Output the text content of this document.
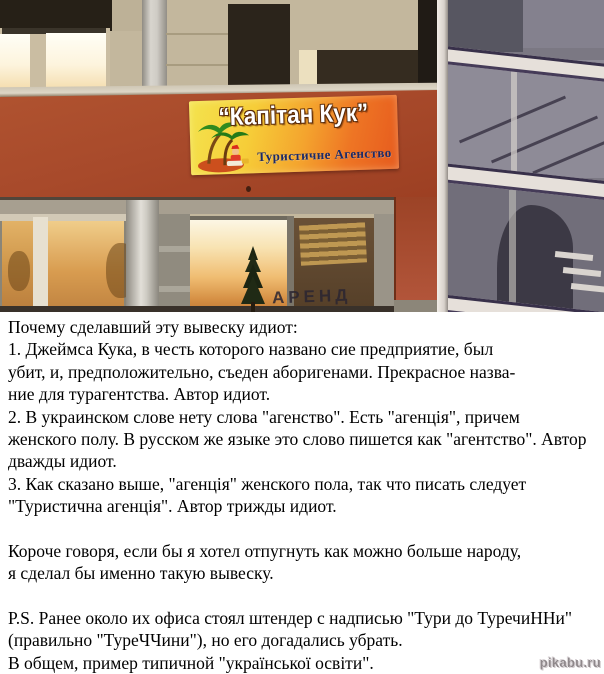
“Капітан Кук”
Туристичне Агенство
АРЕНД
Почему сделавший эту вывеску идиот:
1. Джеймса Кука, в честь которого названо сие предприятие, был
убит, и, предположительно, съеден аборигенами. Прекрасное назва-
ние для турагентства. Автор идиот.
2. В украинском слове нету слова "агенство". Есть "агенція", причем
женского полу. В русском же языке это слово пишется как "агентство". Автор
дважды идиот.
3. Как сказано выше, "агенція" женского пола, так что писать следует
"Туристична агенція". Автор трижды идиот.

Короче говоря, если бы я хотел отпугнуть как можно больше народу,
я сделал бы именно такую вывеску.

P.S. Ранее около их офиса стоял штендер с надписью "Тури до ТуречиННи"
(правильно "ТуреЧЧини"), но его догадались убрать.
В общем, пример типичной "української освіти".	pikabu.ru
